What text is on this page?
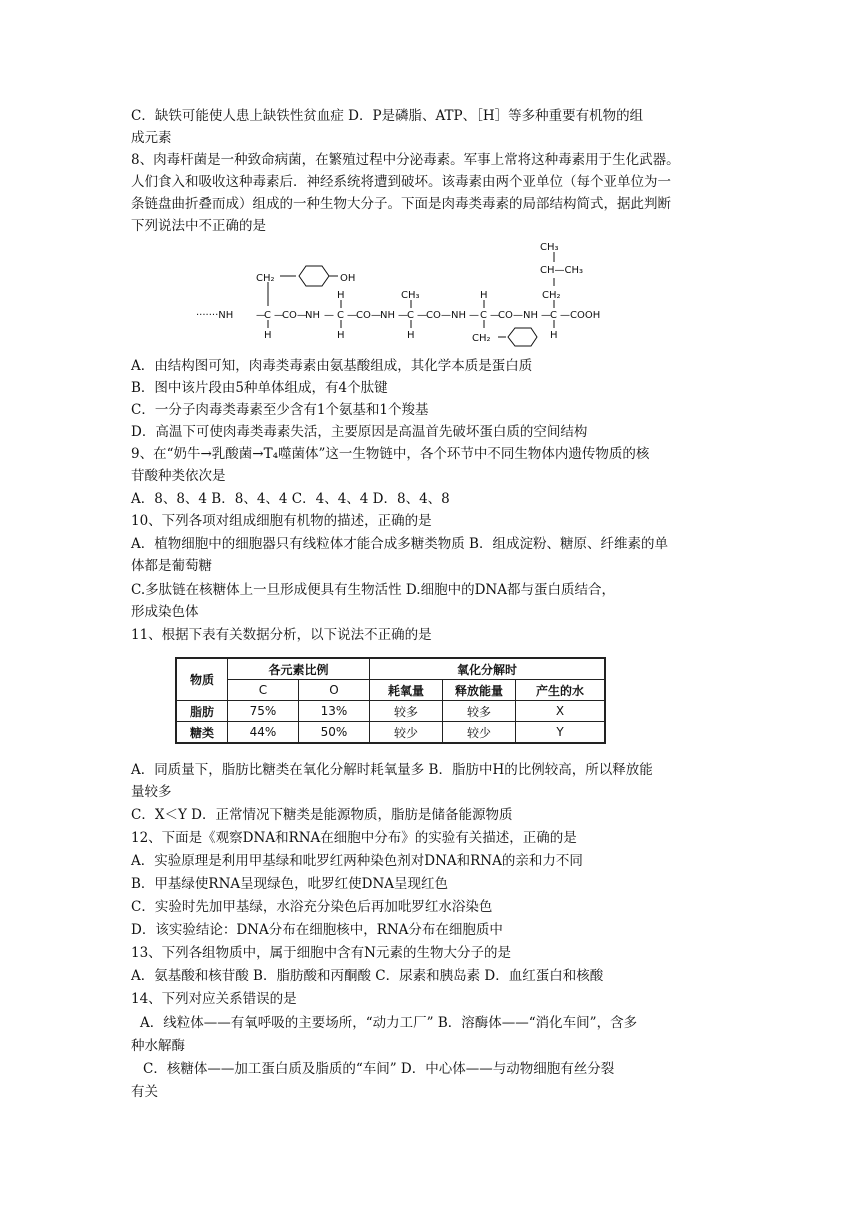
C．缺铁可能使人患上缺铁性贫血症 D．P是磷脂、ATP、［H］等多种重要有机物的组
成元素
8、肉毒杆菌是一种致命病菌，在繁殖过程中分泌毒素。军事上常将这种毒素用于生化武器。
人们食入和吸收这种毒素后．神经系统将遭到破坏。该毒素由两个亚单位（每个亚单位为一
条链盘曲折叠而成）组成的一种生物大分子。下面是肉毒类毒素的局部结构简式，据此判断
下列说法中不正确的是
CH₃
CH—CH₃
CH₂	OH
H	CH₃	H	CH₂
·······NH —
C —
CO —
NH — C — CO — NH — C — CO — NH — C —
CO — NH — C — COOH
H	H	H	CH₂	H
A．由结构图可知，肉毒类毒素由氨基酸组成，其化学本质是蛋白质
B．图中该片段由5种单体组成，有4个肽键
C．一分子肉毒类毒素至少含有1个氨基和1个羧基
D．高温下可使肉毒类毒素失活，主要原因是高温首先破坏蛋白质的空间结构
9、在“奶牛→乳酸菌→T₄噬菌体”这一生物链中，各个环节中不同生物体内遗传物质的核
苷酸种类依次是
A．8、8、4 B．8、4、4 C．4、4、4 D．8、4、8
10、下列各项对组成细胞有机物的描述，正确的是
A．植物细胞中的细胞器只有线粒体才能合成多糖类物质 B．组成淀粉、糖原、纤维素的单
体都是葡萄糖
C.多肽链在核糖体上一旦形成便具有生物活性 D.细胞中的DNA都与蛋白质结合，
形成染色体
11、根据下表有关数据分析，以下说法不正确的是
物质	各元素比例		氧化分解时		
	C	O	耗氧量	释放能量	产生的水
脂肪	75%	13%	较多	较多	X
糖类	44%	50%	较少	较少	Y
A．同质量下，脂肪比糖类在氧化分解时耗氧量多 B．脂肪中H的比例较高，所以释放能
量较多
C．X＜Y D．正常情况下糖类是能源物质，脂肪是储备能源物质
12、下面是《观察DNA和RNA在细胞中分布》的实验有关描述，正确的是
A．实验原理是利用甲基绿和吡罗红两种染色剂对DNA和RNA的亲和力不同
B．甲基绿使RNA呈现绿色，吡罗红使DNA呈现红色
C．实验时先加甲基绿，水浴充分染色后再加吡罗红水浴染色
D．该实验结论：DNA分布在细胞核中，RNA分布在细胞质中
13、下列各组物质中，属于细胞中含有N元素的生物大分子的是
A．氨基酸和核苷酸 B．脂肪酸和丙酮酸 C．尿素和胰岛素 D．血红蛋白和核酸
14、下列对应关系错误的是
A．线粒体——有氧呼吸的主要场所，“动力工厂” B．溶酶体——“消化车间”，含多
种水解酶
C．核糖体——加工蛋白质及脂质的“车间” D．中心体——与动物细胞有丝分裂
有关
